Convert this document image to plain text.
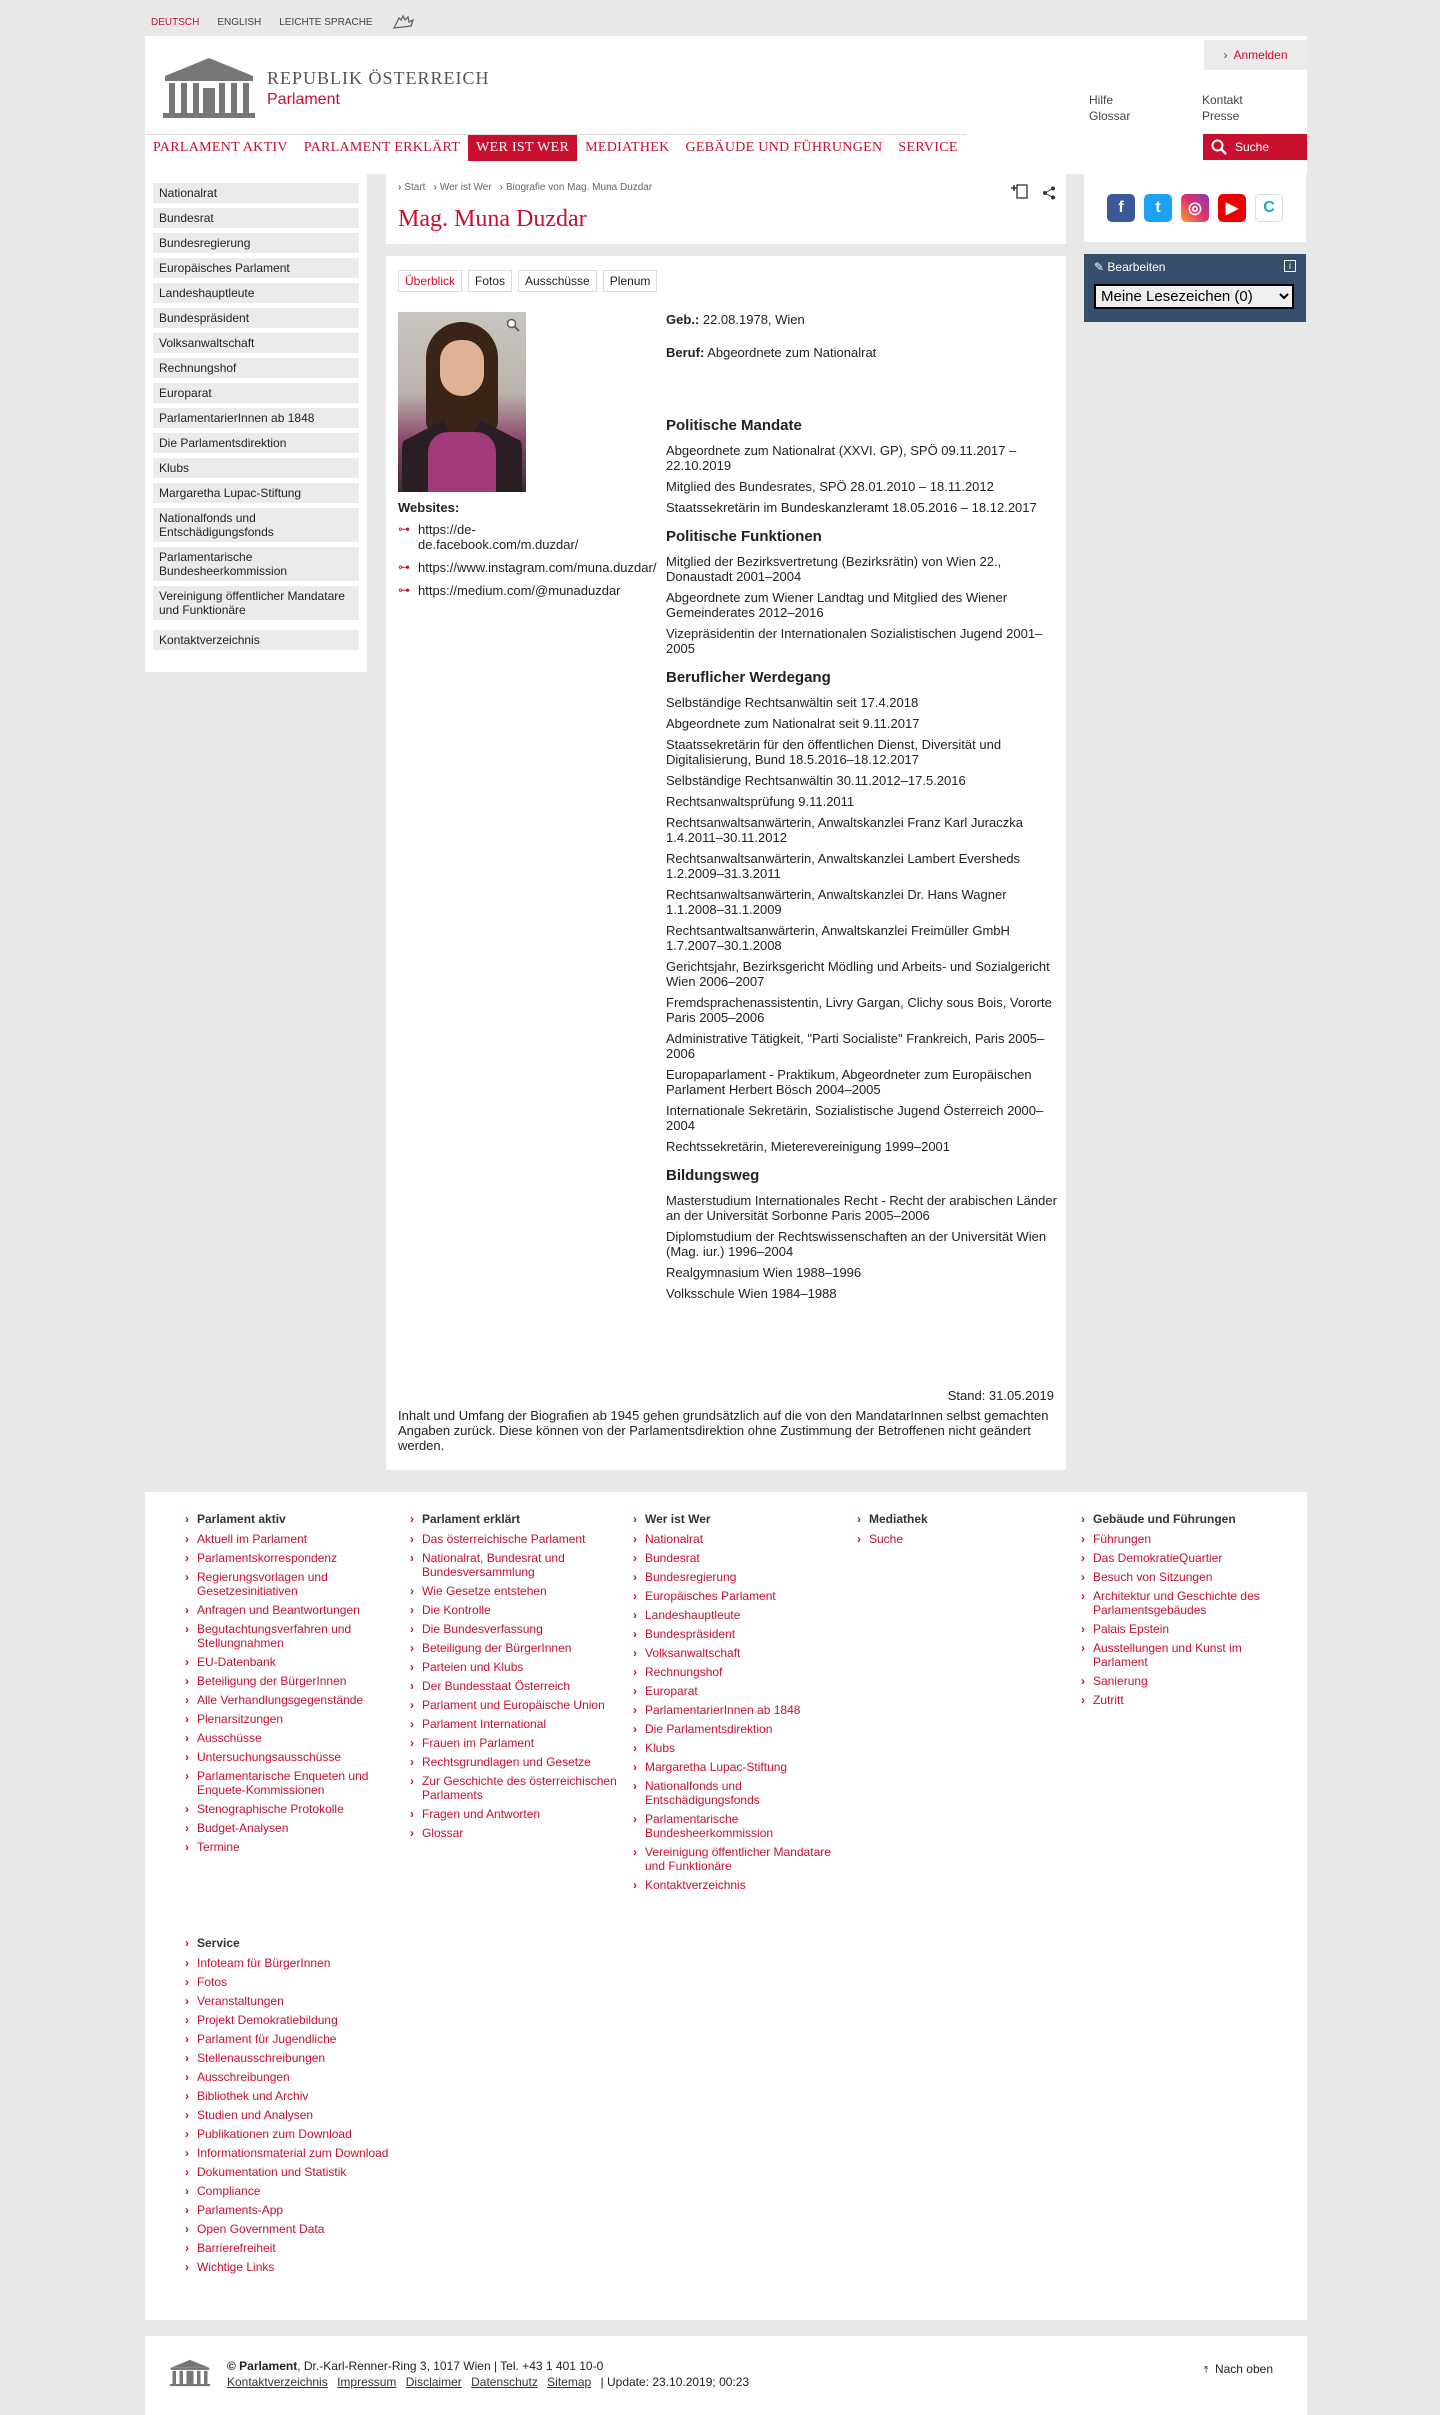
DEUTSCH ENGLISH LEICHTE SPRACHE
REPUBLIK ÖSTERREICH
Parlament
› Anmelden
Hilfe
Glossar
Kontakt
Presse
PARLAMENT AKTIV	PARLAMENT ERKLÄRT	WER IST WER	MEDIATHEK	GEBÄUDE UND FÜHRUNGEN	SERVICE	Suche
Nationalrat
Bundesrat
Bundesregierung
Europäisches Parlament
Landeshauptleute
Bundespräsident
Volksanwaltschaft
Rechnungshof
Europarat
ParlamentarierInnen ab 1848
Die Parlamentsdirektion
Klubs
Margaretha Lupac-Stiftung
Nationalfonds und Entschädigungsfonds
Parlamentarische Bundesheerkommission
Vereinigung öffentlicher Mandatare und Funktionäre
Kontaktverzeichnis
› Start	› Wer ist Wer	› Biografie von Mag. Muna Duzdar
Mag. Muna Duzdar
Überblick	Fotos	Ausschüsse	Plenum
Websites:
⊶ https://de-de.facebook.com/m.duzdar/
⊶ https://www.instagram.com/muna.duzdar/
⊶ https://medium.com/@munaduzdar

Geb.: 22.08.1978, Wien

Beruf: Abgeordnete zum Nationalrat

Politische Mandate

Abgeordnete zum Nationalrat (XXVI. GP), SPÖ 09.11.2017 – 22.10.2019

Mitglied des Bundesrates, SPÖ 28.01.2010 – 18.11.2012

Staatssekretärin im Bundeskanzleramt 18.05.2016 – 18.12.2017

Politische Funktionen

Mitglied der Bezirksvertretung (Bezirksrätin) von Wien 22., Donaustadt 2001–2004

Abgeordnete zum Wiener Landtag und Mitglied des Wiener Gemeinderates 2012–2016

Vizepräsidentin der Internationalen Sozialistischen Jugend 2001–2005

Beruflicher Werdegang

Selbständige Rechtsanwältin seit 17.4.2018

Abgeordnete zum Nationalrat seit 9.11.2017

Staatssekretärin für den öffentlichen Dienst, Diversität und Digitalisierung, Bund 18.5.2016–18.12.2017

Selbständige Rechtsanwältin 30.11.2012–17.5.2016

Rechtsanwaltsprüfung 9.11.2011

Rechtsanwaltsanwärterin, Anwaltskanzlei Franz Karl Juraczka 1.4.2011–30.11.2012

Rechtsanwaltsanwärterin, Anwaltskanzlei Lambert Eversheds 1.2.2009–31.3.2011

Rechtsanwaltsanwärterin, Anwaltskanzlei Dr. Hans Wagner 1.1.2008–31.1.2009

Rechtsantwaltsanwärterin, Anwaltskanzlei Freimüller GmbH 1.7.2007–30.1.2008

Gerichtsjahr, Bezirksgericht Mödling und Arbeits- und Sozialgericht Wien 2006–2007

Fremdsprachenassistentin, Livry Gargan, Clichy sous Bois, Vororte Paris 2005–2006

Administrative Tätigkeit, "Parti Socialiste" Frankreich, Paris 2005–2006

Europaparlament - Praktikum, Abgeordneter zum Europäischen Parlament Herbert Bösch 2004–2005

Internationale Sekretärin, Sozialistische Jugend Österreich 2000–2004

Rechtssekretärin, Mieterevereinigung 1999–2001

Bildungsweg

Masterstudium Internationales Recht - Recht der arabischen Länder an der Universität Sorbonne Paris 2005–2006

Diplomstudium der Rechtswissenschaften an der Universität Wien (Mag. iur.) 1996–2004

Realgymnasium Wien 1988–1996

Volksschule Wien 1984–1988

Stand: 31.05.2019
Inhalt und Umfang der Biografien ab 1945 gehen grundsätzlich auf die von den MandatarInnen selbst gemachten Angaben zurück. Diese können von der Parlamentsdirektion ohne Zustimmung der Betroffenen nicht geändert werden.
f	t	◎	▶	C
✎ Bearbeiten	i
Meine Lesezeichen (0)
› Parlament aktiv
› Aktuell im Parlament
› Parlamentskorrespondenz
› Regierungsvorlagen und Gesetzesinitiativen
› Anfragen und Beantwortungen
› Begutachtungsverfahren und Stellungnahmen
› EU-Datenbank
› Beteiligung der BürgerInnen
› Alle Verhandlungsgegenstände
› Plenarsitzungen
› Ausschüsse
› Untersuchungsausschüsse
› Parlamentarische Enqueten und Enquete-Kommissionen
› Stenographische Protokolle
› Budget-Analysen
› Termine
› Parlament erklärt
› Das österreichische Parlament
› Nationalrat, Bundesrat und Bundesversammlung
› Wie Gesetze entstehen
› Die Kontrolle
› Die Bundesverfassung
› Beteiligung der BürgerInnen
› Parteien und Klubs
› Der Bundesstaat Österreich
› Parlament und Europäische Union
› Parlament International
› Frauen im Parlament
› Rechtsgrundlagen und Gesetze
› Zur Geschichte des österreichischen Parlaments
› Fragen und Antworten
› Glossar
› Wer ist Wer
› Nationalrat
› Bundesrat
› Bundesregierung
› Europäisches Parlament
› Landeshauptleute
› Bundespräsident
› Volksanwaltschaft
› Rechnungshof
› Europarat
› ParlamentarierInnen ab 1848
› Die Parlamentsdirektion
› Klubs
› Margaretha Lupac-Stiftung
› Nationalfonds und Entschädigungsfonds
› Parlamentarische Bundesheerkommission
› Vereinigung öffentlicher Mandatare und Funktionäre
› Kontaktverzeichnis
› Mediathek
› Suche
› Gebäude und Führungen
› Führungen
› Das DemokratieQuartier
› Besuch von Sitzungen
› Architektur und Geschichte des Parlamentsgebäudes
› Palais Epstein
› Ausstellungen und Kunst im Parlament
› Sanierung
› Zutritt
› Service
› Infoteam für BürgerInnen
› Fotos
› Veranstaltungen
› Projekt Demokratiebildung
› Parlament für Jugendliche
› Stellenausschreibungen
› Ausschreibungen
› Bibliothek und Archiv
› Studien und Analysen
› Publikationen zum Download
› Informationsmaterial zum Download
› Dokumentation und Statistik
› Compliance
› Parlaments-App
› Open Government Data
› Barrierefreiheit
› Wichtige Links
© Parlament, Dr.-Karl-Renner-Ring 3, 1017 Wien | Tel. +43 1 401 10-0
Kontaktverzeichnis Impressum Disclaimer Datenschutz Sitemap | Update: 23.10.2019; 00:23
⤒ Nach oben
